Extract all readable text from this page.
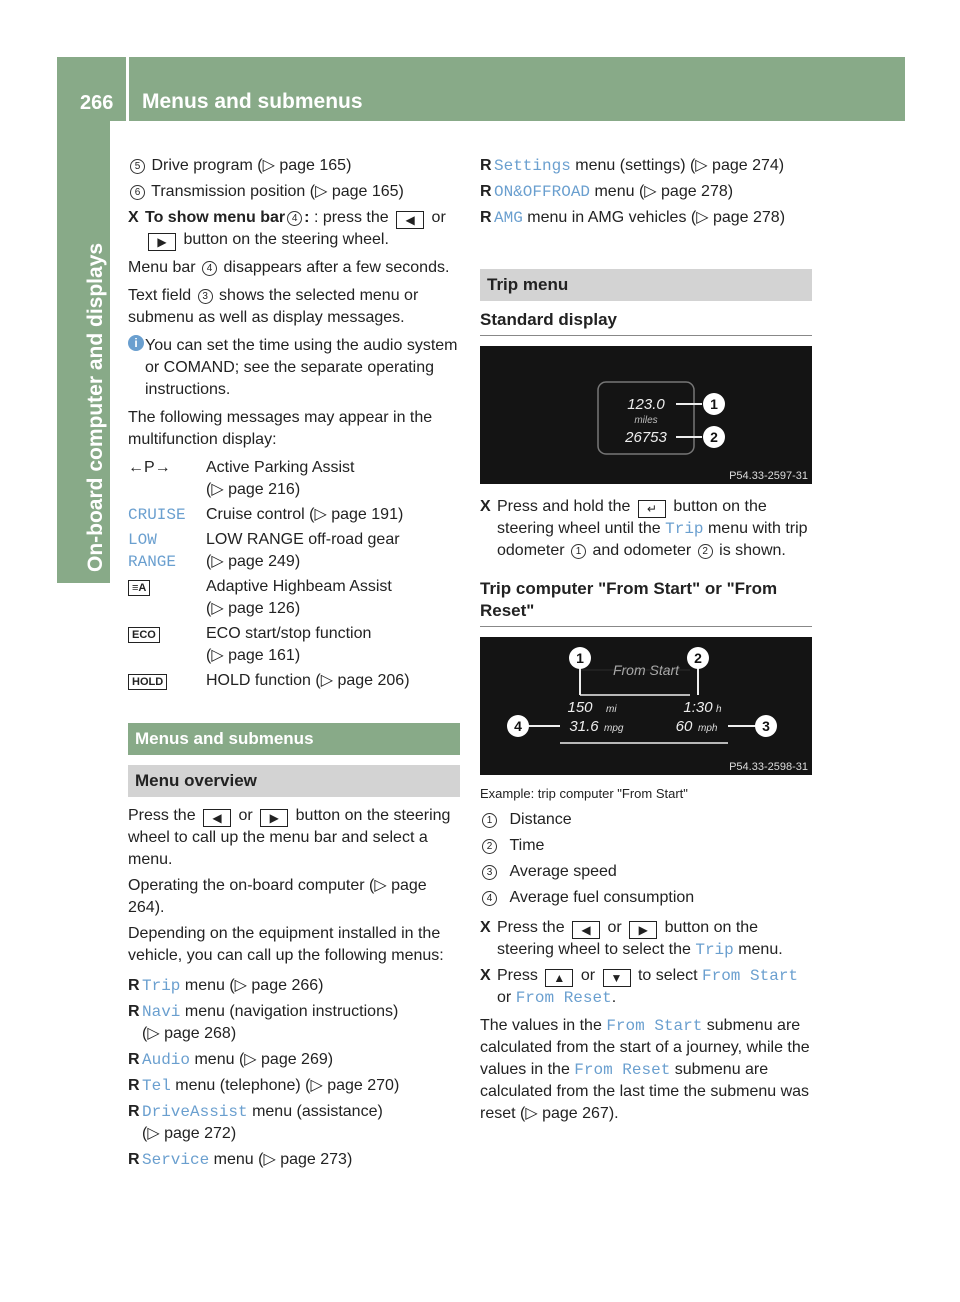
266 Menus and submenus
On-board computer and displays

5 Drive program (▷ page 165)

6 Transmission position (▷ page 165)

X To show menu bar 4 : : press the ◀ or ▶ button on the steering wheel.

Menu bar 4 disappears after a few seconds.

Text field 3 shows the selected menu or submenu as well as display messages.

i You can set the time using the audio system or COMAND; see the separate operating instructions.

The following messages may appear in the multifunction display:

←P→	Active Parking Assist
(▷ page 216)
CRUISE	Cruise control (▷ page 191)
LOW RANGE	LOW RANGE off-road gear
(▷ page 249)
≡A	Adaptive Highbeam Assist
(▷ page 126)
ECO	ECO start/stop function
(▷ page 161)
HOLD	HOLD function (▷ page 206)
Menus and submenus
Menu overview

Press the ◀ or ▶ button on the steering wheel to call up the menu bar and select a menu.

Operating the on-board computer (▷ page 264).

Depending on the equipment installed in the vehicle, you can call up the following menus:

R Trip menu (▷ page 266)
R Navi menu (navigation instructions)
(▷ page 268)
R Audio menu (▷ page 269)
R Tel menu (telephone) (▷ page 270)
R DriveAssist menu (assistance)
(▷ page 272)
R Service menu (▷ page 273)
R Settings menu (settings) (▷ page 274)
R ON&OFFROAD menu (▷ page 278)
R AMG menu in AMG vehicles (▷ page 278)
Trip menu
Standard display
123.0
miles
26753
1
2
P54.33-2597-31

X Press and hold the ↵ button on the steering wheel until the Trip menu with trip odometer 1 and odometer 2 is shown.

Trip computer "From Start" or "From Reset"
From Start
150 mi	1:30 h
31.6 mpg	60 mph
1	2
3
4
P54.33-2598-31
Example: trip computer "From Start"
1 Distance
2 Time
3 Average speed
4 Average fuel consumption

X Press the ◀ or ▶ button on the steering wheel to select the Trip menu.

X Press ▲ or ▼ to select From Start or From Reset.

The values in the From Start submenu are calculated from the start of a journey, while the values in the From Reset submenu are calculated from the last time the submenu was reset (▷ page 267).
